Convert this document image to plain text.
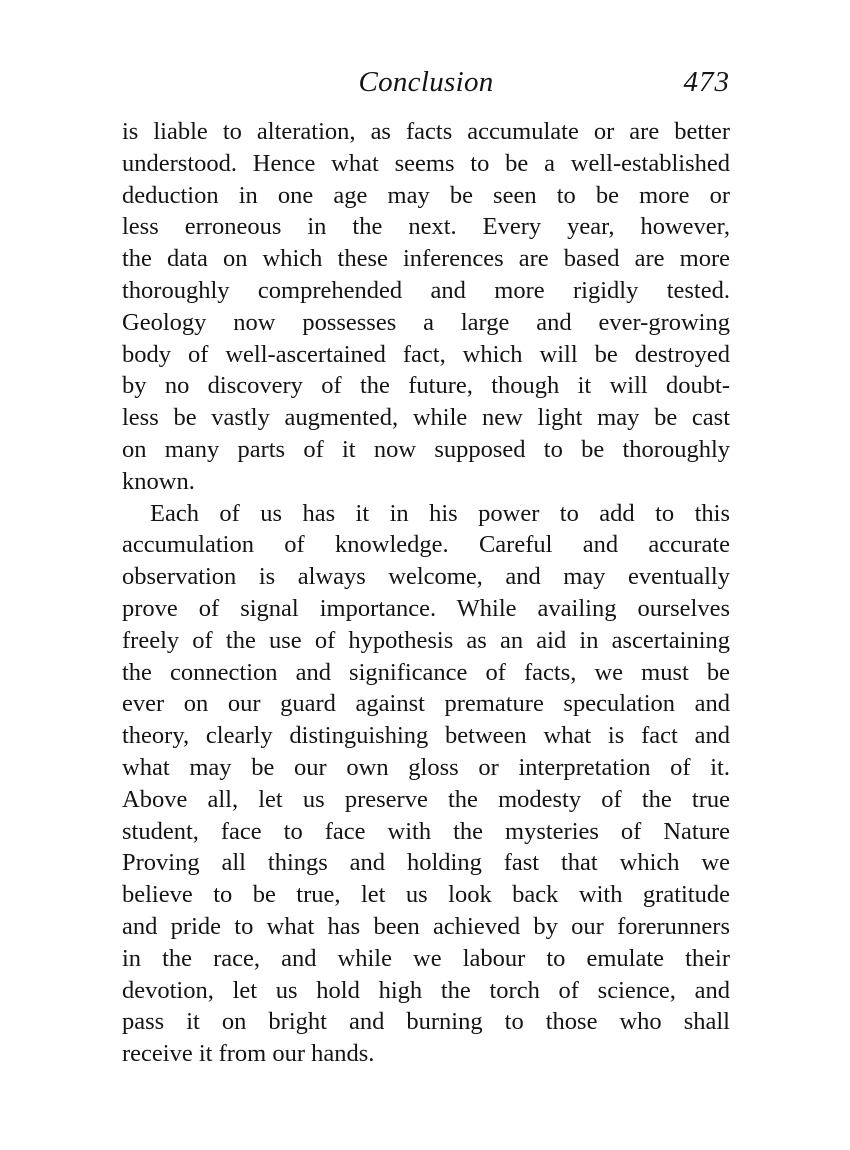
Conclusion	473
is liable to alteration, as facts accumulate or are better
understood. Hence what seems to be a well-established
deduction in one age may be seen to be more or
less erroneous in the next. Every year, however,
the data on which these inferences are based are more
thoroughly comprehended and more rigidly tested.
Geology now possesses a large and ever-growing
body of well-ascertained fact, which will be destroyed
by no discovery of the future, though it will doubt-
less be vastly augmented, while new light may be cast
on many parts of it now supposed to be thoroughly
known.
Each of us has it in his power to add to this
accumulation of knowledge. Careful and accurate
observation is always welcome, and may eventually
prove of signal importance. While availing ourselves
freely of the use of hypothesis as an aid in ascertaining
the connection and significance of facts, we must be
ever on our guard against premature speculation and
theory, clearly distinguishing between what is fact and
what may be our own gloss or interpretation of it.
Above all, let us preserve the modesty of the true
student, face to face with the mysteries of Nature
Proving all things and holding fast that which we
believe to be true, let us look back with gratitude
and pride to what has been achieved by our forerunners
in the race, and while we labour to emulate their
devotion, let us hold high the torch of science, and
pass it on bright and burning to those who shall
receive it from our hands.
